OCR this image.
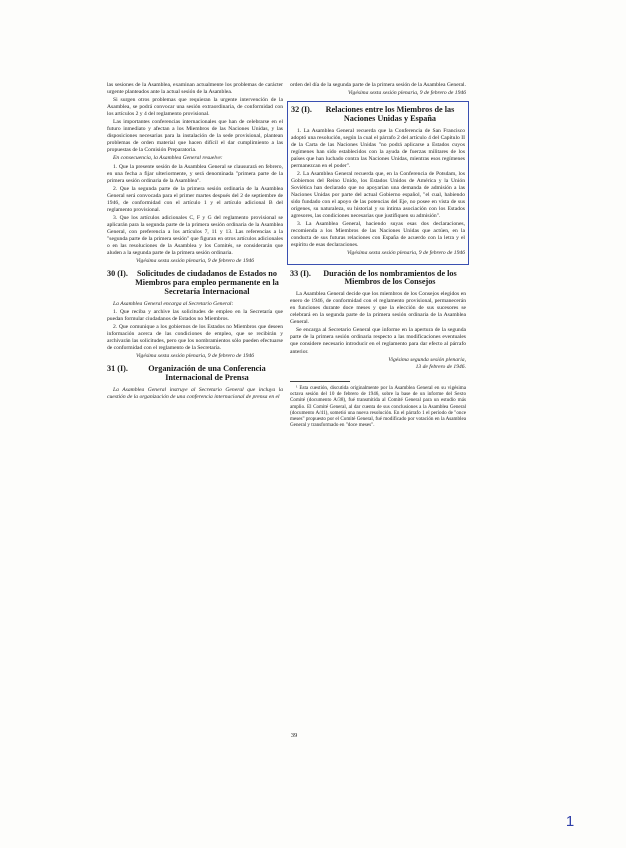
las sesiones de la Asamblea, examinan actualmente los problemas de carácter urgente planteados ante la actual sesión de la Asamblea.

Si surgen otros problemas que requieran la urgente intervención de la Asamblea, se podrá convocar una sesión extraordinaria, de conformidad con los artículos 2 y 4 del reglamento provisional.

Las importantes conferencias internacionales que han de celebrarse en el futuro inmediato y afectan a los Miembros de las Naciones Unidas, y las disposiciones necesarias para la instalación de la sede provisional, plantean problemas de orden material que hacen difícil el dar cumplimiento a las propuestas de la Comisión Preparatoria.

En consecuencia, la Asamblea General resuelve:

1. Que la presente sesión de la Asamblea General se clausurará en febrero, en una fecha a fijar ulteriormente, y será denominada "primera parte de la primera sesión ordinaria de la Asamblea".

2. Que la segunda parte de la primera sesión ordinaria de la Asamblea General será convocada para el primer martes después del 2 de septiembre de 1946, de conformidad con el artículo 1 y el artículo adicional B del reglamento provisional.

3. Que los artículos adicionales C, F y G del reglamento provisional se aplicarán para la segunda parte de la primera sesión ordinaria de la Asamblea General, con preferencia a los artículos 7, 11 y 13. Las referencias a la "segunda parte de la primera sesión" que figuran en otros artículos adicionales o en las resoluciones de la Asamblea y los Comités, se considerarán que aluden a la segunda parte de la primera sesión ordinaria.

Vigésima sexta sesión plenaria, 9 de febrero de 1946

30 (I).	Solicitudes de ciudadanos de Estados no Miembros para empleo permanente en la Secretaría Internacional

La Asamblea General encarga al Secretario General:

1. Que reciba y archive las solicitudes de empleo en la Secretaría que puedan formular ciudadanos de Estados no Miembros.

2. Que comunique a los gobiernos de los Estados no Miembros que deseen información acerca de las condiciones de empleo, que se recibirán y archivarán las solicitudes, pero que los nombramientos sólo pueden efectuarse de conformidad con el reglamento de la Secretaría.

Vigésima sexta sesión plenaria, 9 de febrero de 1946

31 (I).	Organización de una Conferencia Internacional de Prensa

La Asamblea General instruye al Secretario General que incluya la cuestión de la organización de una conferencia internacional de prensa en el

orden del día de la segunda parte de la primera sesión de la Asamblea General.

Vigésima sexta sesión plenaria, 9 de febrero de 1946

32 (I).	Relaciones entre los Miembros de las Naciones Unidas y España

1. La Asamblea General recuerda que la Conferencia de San Francisco adoptó una resolución, según la cual el párrafo 2 del artículo 4 del Capítulo II de la Carta de las Naciones Unidas "no podrá aplicarse a Estados cuyos regímenes han sido establecidos con la ayuda de fuerzas militares de los países que han luchado contra las Naciones Unidas, mientras esos regímenes permanezcan en el poder".

2. La Asamblea General recuerda que, en la Conferencia de Potsdam, los Gobiernos del Reino Unido, los Estados Unidos de América y la Unión Soviética han declarado que no apoyarían una demanda de admisión a las Naciones Unidas por parte del actual Gobierno español, "el cual, habiendo sido fundado con el apoyo de las potencias del Eje, no posee en vista de sus orígenes, su naturaleza, su historial y su íntima asociación con los Estados agresores, las condiciones necesarias que justifiquen su admisión".

3. La Asamblea General, haciendo suyas esas dos declaraciones, recomienda a los Miembros de las Naciones Unidas que actúen, en la conducta de sus futuras relaciones con España de acuerdo con la letra y el espíritu de esas declaraciones.

Vigésima sexta sesión plenaria, 9 de febrero de 1946

33 (I).	Duración de los nombramientos de los Miembros de los Consejos

La Asamblea General decide que los miembros de los Consejos elegidos en enero de 1946, de conformidad con el reglamento provisional, permanecerán en funciones durante doce meses y que la elección de sus sucesores se celebrará en la segunda parte de la primera sesión ordinaria de la Asamblea General.

Se encarga al Secretario General que informe en la apertura de la segunda parte de la primera sesión ordinaria respecto a las modificaciones eventuales que considere necesario introducir en el reglamento para dar efecto al párrafo anterior.

Vigésima segunda sesión plenaria,

13 de febrero de 1946.

¹ Esta cuestión, discutida originalmente por la Asamblea General en su vigésima octava sesión del 10 de febrero de 1946, sobre la base de un informe del Sexto Comité (documento A/38), fué transmitida al Comité General para un estudio más amplio. El Comité General, al dar cuenta de sus conclusiones a la Asamblea General (documento A/41), sometió una nueva resolución. En el párrafo 1 el período de "once meses" propuesto por el Comité General, fué modificado por votación en la Asamblea General y transformado en "doce meses".

39
1
